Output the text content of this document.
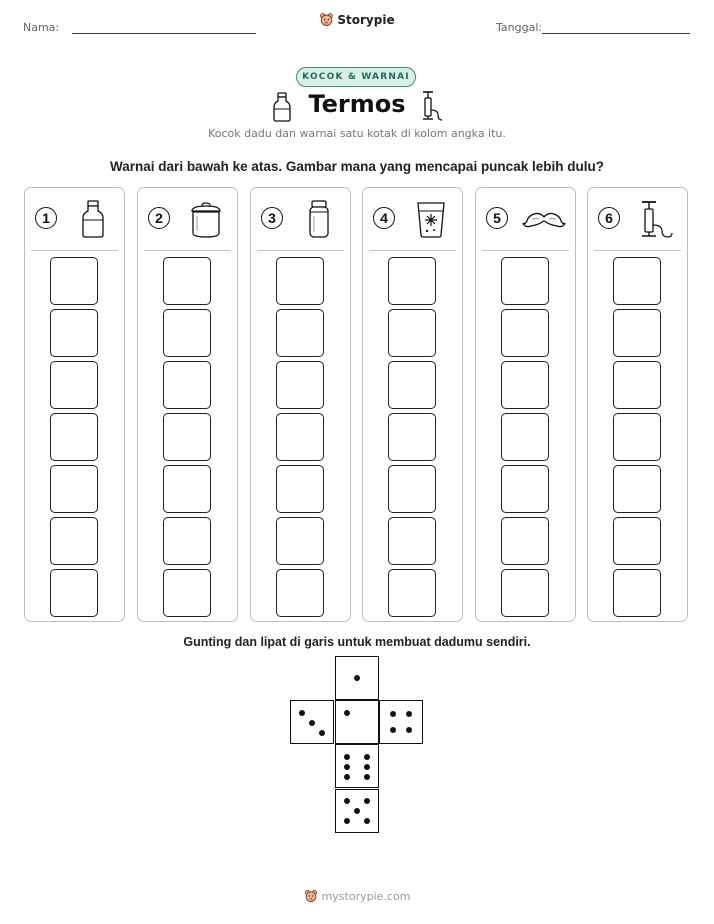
Nama:
Storypie
Tanggal:
KOCOK & WARNAI
Termos
Kocok dadu dan warnai satu kotak di kolom angka itu.
Warnai dari bawah ke atas. Gambar mana yang mencapai puncak lebih dulu?
1	2	3	4	5	6
Gunting dan lipat di garis untuk membuat dadumu sendiri.
mystorypie.com
